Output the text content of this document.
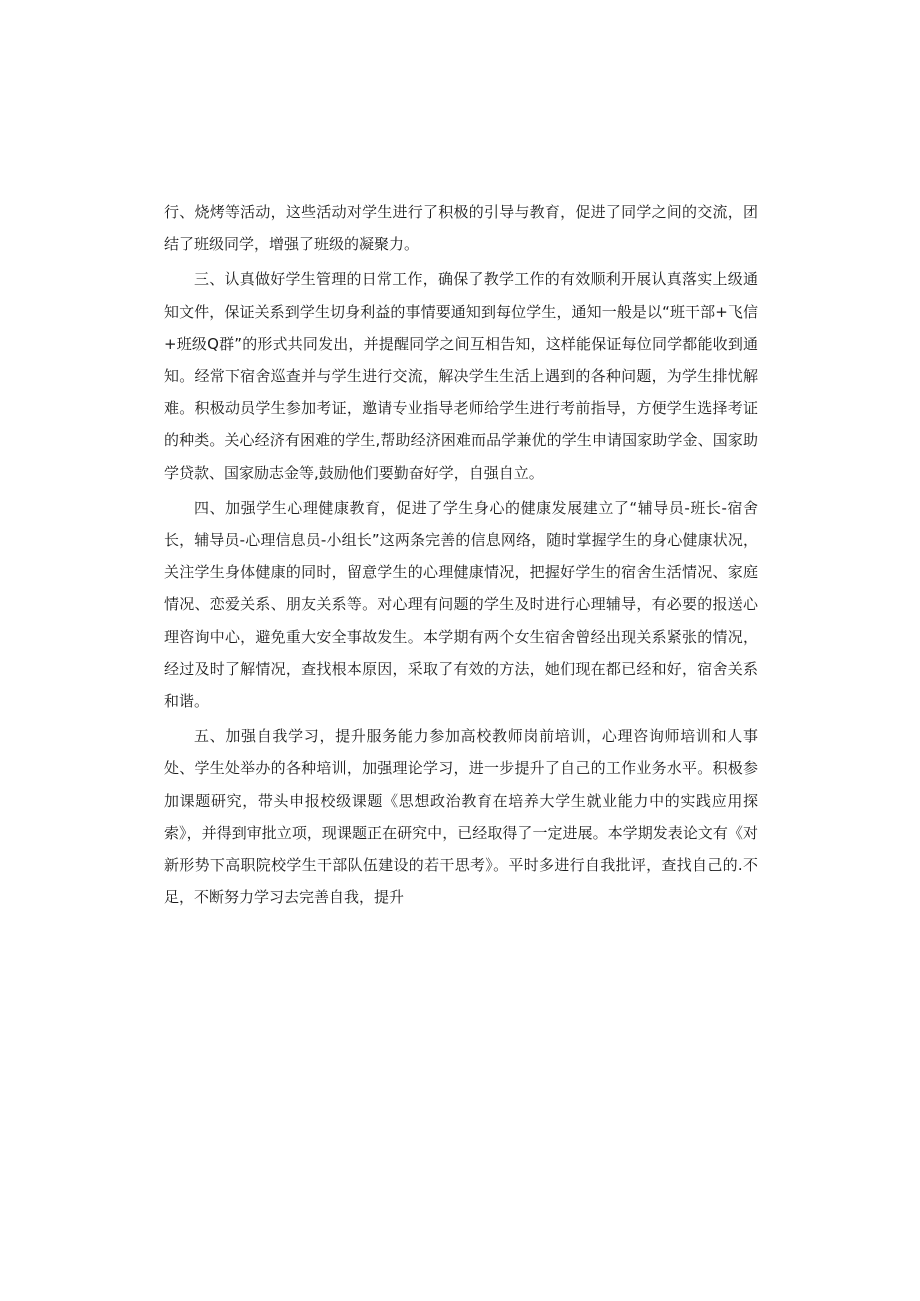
行、烧烤等活动，这些活动对学生进行了积极的引导与教育，促进了同学之间的交流，团结了班级同学，增强了班级的凝聚力。

三、认真做好学生管理的日常工作，确保了教学工作的有效顺利开展认真落实上级通知文件，保证关系到学生切身利益的事情要通知到每位学生，通知一般是以“班干部+飞信+班级Q群”的形式共同发出，并提醒同学之间互相告知，这样能保证每位同学都能收到通知。经常下宿舍巡查并与学生进行交流，解决学生生活上遇到的各种问题，为学生排忧解难。积极动员学生参加考证，邀请专业指导老师给学生进行考前指导，方便学生选择考证的种类。关心经济有困难的学生,帮助经济困难而品学兼优的学生申请国家助学金、国家助学贷款、国家励志金等,鼓励他们要勤奋好学，自强自立。

四、加强学生心理健康教育，促进了学生身心的健康发展建立了“辅导员-班长-宿舍长，辅导员-心理信息员-小组长”这两条完善的信息网络，随时掌握学生的身心健康状况，关注学生身体健康的同时，留意学生的心理健康情况，把握好学生的宿舍生活情况、家庭情况、恋爱关系、朋友关系等。对心理有问题的学生及时进行心理辅导，有必要的报送心理咨询中心，避免重大安全事故发生。本学期有两个女生宿舍曾经出现关系紧张的情况，经过及时了解情况，查找根本原因，采取了有效的方法，她们现在都已经和好，宿舍关系和谐。

五、加强自我学习，提升服务能力参加高校教师岗前培训，心理咨询师培训和人事处、学生处举办的各种培训，加强理论学习，进一步提升了自己的工作业务水平。积极参加课题研究，带头申报校级课题《思想政治教育在培养大学生就业能力中的实践应用探索》，并得到审批立项，现课题正在研究中，已经取得了一定进展。本学期发表论文有《对新形势下高职院校学生干部队伍建设的若干思考》。平时多进行自我批评，查找自己的.不足，不断努力学习去完善自我，提升
